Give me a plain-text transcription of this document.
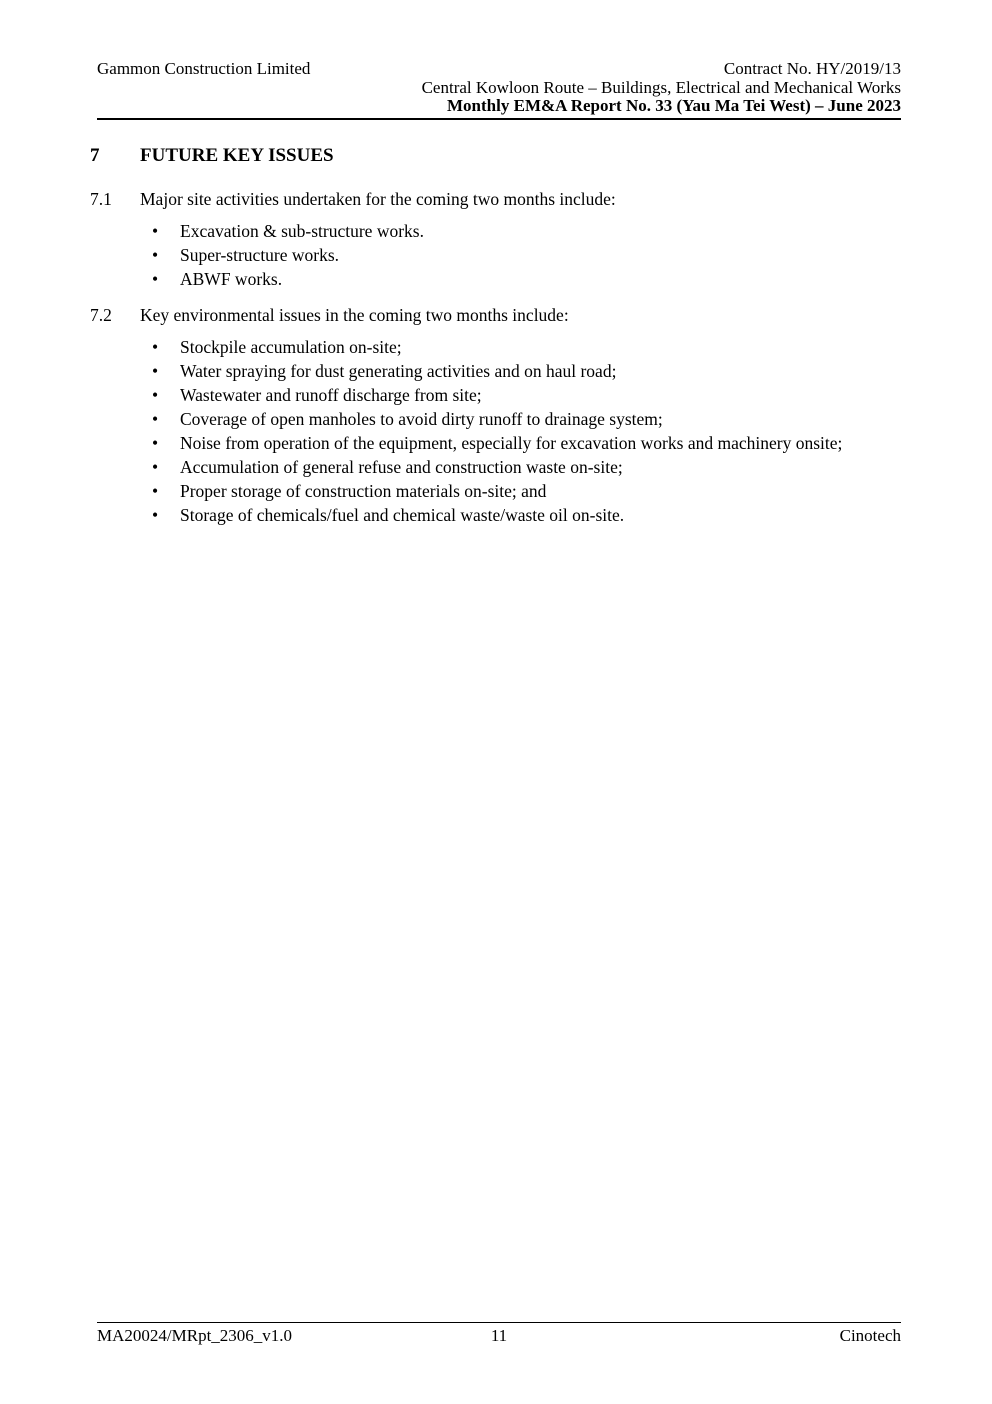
Gammon Construction Limited	Contract No. HY/2019/13
Central Kowloon Route – Buildings, Electrical and Mechanical Works
Monthly EM&A Report No. 33 (Yau Ma Tei West) – June 2023
7	FUTURE KEY ISSUES
7.1	Major site activities undertaken for the coming two months include:
•	Excavation & sub-structure works.
•	Super-structure works.
•	ABWF works.
7.2	Key environmental issues in the coming two months include:
•	Stockpile accumulation on-site;
•	Water spraying for dust generating activities and on haul road;
•	Wastewater and runoff discharge from site;
•	Coverage of open manholes to avoid dirty runoff to drainage system;
•	Noise from operation of the equipment, especially for excavation works and machinery onsite;
•	Accumulation of general refuse and construction waste on-site;
•	Proper storage of construction materials on-site; and
•	Storage of chemicals/fuel and chemical waste/waste oil on-site.
MA20024/MRpt_2306_v1.0	11	Cinotech
